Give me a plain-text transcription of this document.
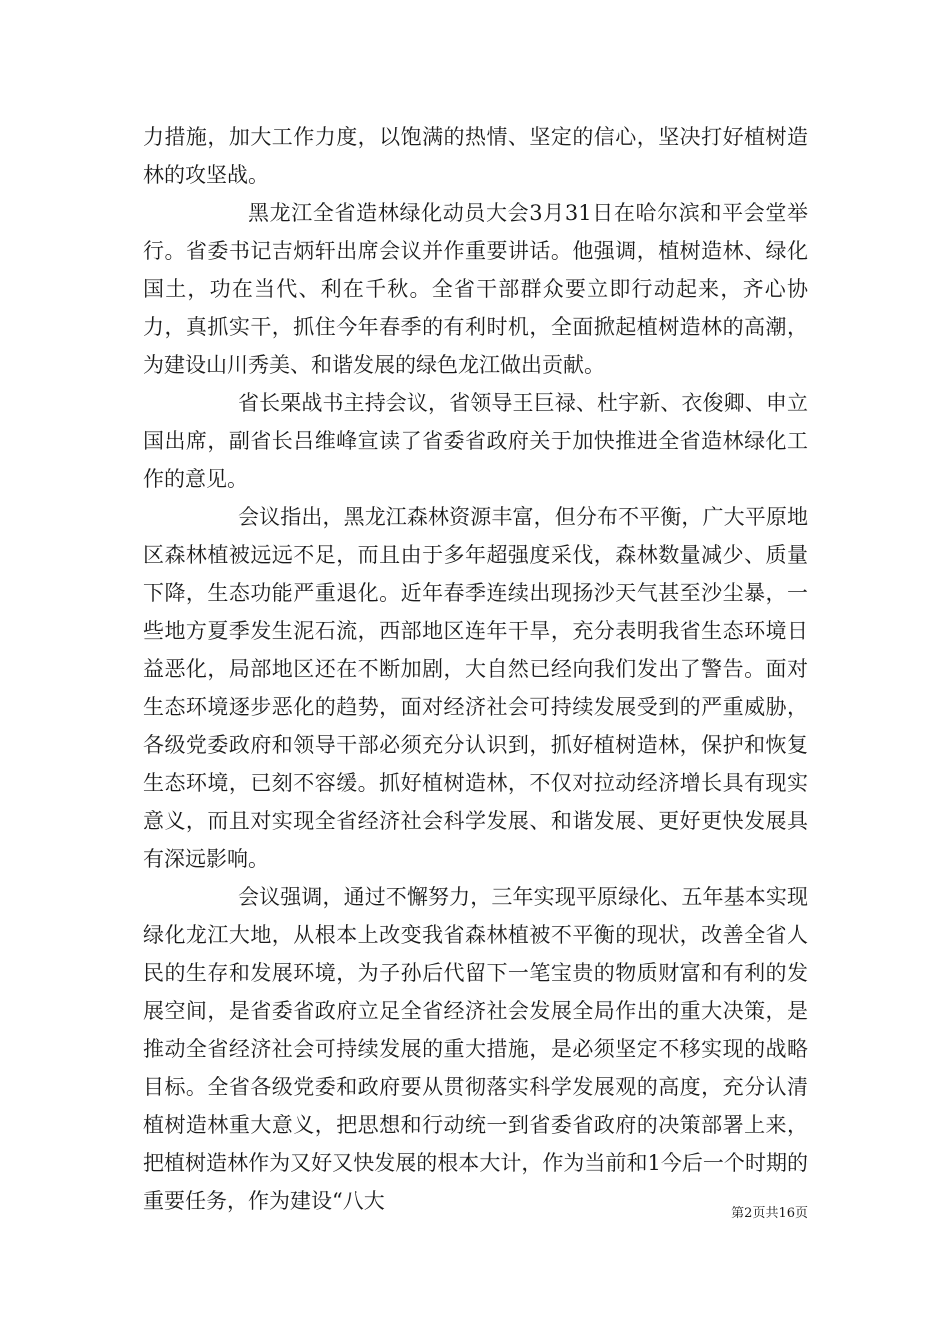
力措施，加大工作力度，以饱满的热情、坚定的信心，坚决打好植树造林的攻坚战。

黑龙江全省造林绿化动员大会3月31日在哈尔滨和平会堂举行。省委书记吉炳轩出席会议并作重要讲话。他强调，植树造林、绿化国土，功在当代、利在千秋。全省干部群众要立即行动起来，齐心协力，真抓实干，抓住今年春季的有利时机，全面掀起植树造林的高潮，为建设山川秀美、和谐发展的绿色龙江做出贡献。

省长栗战书主持会议，省领导王巨禄、杜宇新、衣俊卿、申立国出席，副省长吕维峰宣读了省委省政府关于加快推进全省造林绿化工作的意见。

会议指出，黑龙江森林资源丰富，但分布不平衡，广大平原地区森林植被远远不足，而且由于多年超强度采伐，森林数量减少、质量下降，生态功能严重退化。近年春季连续出现扬沙天气甚至沙尘暴，一些地方夏季发生泥石流，西部地区连年干旱，充分表明我省生态环境日益恶化，局部地区还在不断加剧，大自然已经向我们发出了警告。面对生态环境逐步恶化的趋势，面对经济社会可持续发展受到的严重威胁，各级党委政府和领导干部必须充分认识到，抓好植树造林，保护和恢复生态环境，已刻不容缓。抓好植树造林，不仅对拉动经济增长具有现实意义，而且对实现全省经济社会科学发展、和谐发展、更好更快发展具有深远影响。

会议强调，通过不懈努力，三年实现平原绿化、五年基本实现绿化龙江大地，从根本上改变我省森林植被不平衡的现状，改善全省人民的生存和发展环境，为子孙后代留下一笔宝贵的物质财富和有利的发展空间，是省委省政府立足全省经济社会发展全局作出的重大决策，是推动全省经济社会可持续发展的重大措施，是必须坚定不移实现的战略目标。全省各级党委和政府要从贯彻落实科学发展观的高度，充分认清植树造林重大意义，把思想和行动统一到省委省政府的决策部署上来，把植树造林作为又好又快发展的根本大计，作为当前和1今后一个时期的重要任务，作为建设“八大

第2页共16页
